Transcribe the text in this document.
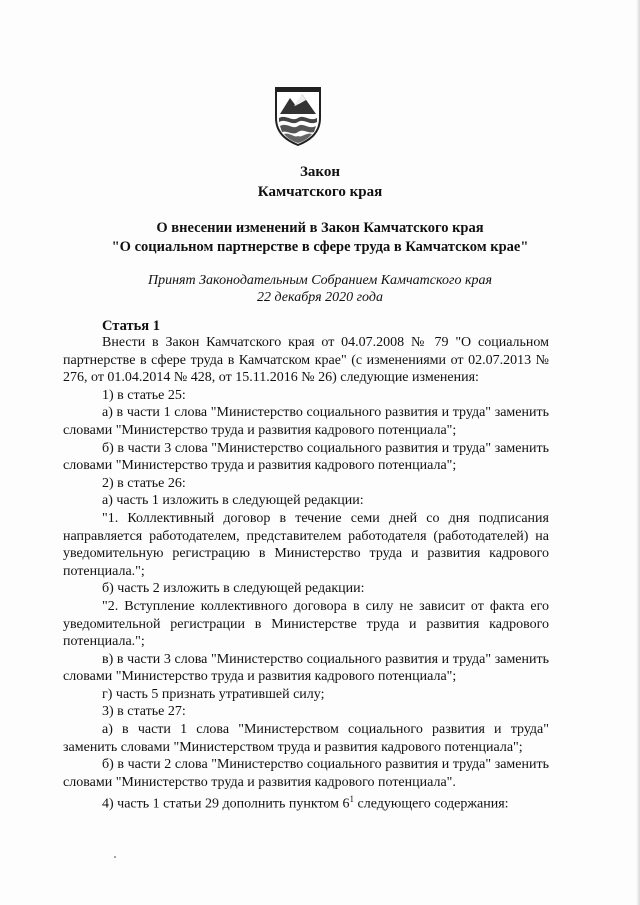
Закон
Камчатского края
О внесении изменений в Закон Камчатского края
"О социальном партнерстве в сфере труда в Камчатском крае"
Принят Законодательным Собранием Камчатского края
22 декабря 2020 года
Статья 1

Внести в Закон Камчатского края от 04.07.2008 № 79 "О социальном партнерстве в сфере труда в Камчатском крае" (с изменениями от 02.07.2013 № 276, от 01.04.2014 № 428, от 15.11.2016 № 26) следующие изменения:

1) в статье 25:

а) в части 1 слова "Министерство социального развития и труда" заменить словами "Министерство труда и развития кадрового потенциала";

б) в части 3 слова "Министерство социального развития и труда" заменить словами "Министерство труда и развития кадрового потенциала";

2) в статье 26:

а) часть 1 изложить в следующей редакции:

"1. Коллективный договор в течение семи дней со дня подписания направляется работодателем, представителем работодателя (работодателей) на уведомительную регистрацию в Министерство труда и развития кадрового потенциала.";

б) часть 2 изложить в следующей редакции:

"2. Вступление коллективного договора в силу не зависит от факта его уведомительной регистрации в Министерстве труда и развития кадрового потенциала.";

в) в части 3 слова "Министерство социального развития и труда" заменить словами "Министерство труда и развития кадрового потенциала";

г) часть 5 признать утратившей силу;

3) в статье 27:

а) в части 1 слова "Министерством социального развития и труда" заменить словами "Министерством труда и развития кадрового потенциала";

б) в части 2 слова "Министерство социального развития и труда" заменить словами "Министерство труда и развития кадрового потенциала".

4) часть 1 статьи 29 дополнить пунктом $6^1$ следующего содержания:
